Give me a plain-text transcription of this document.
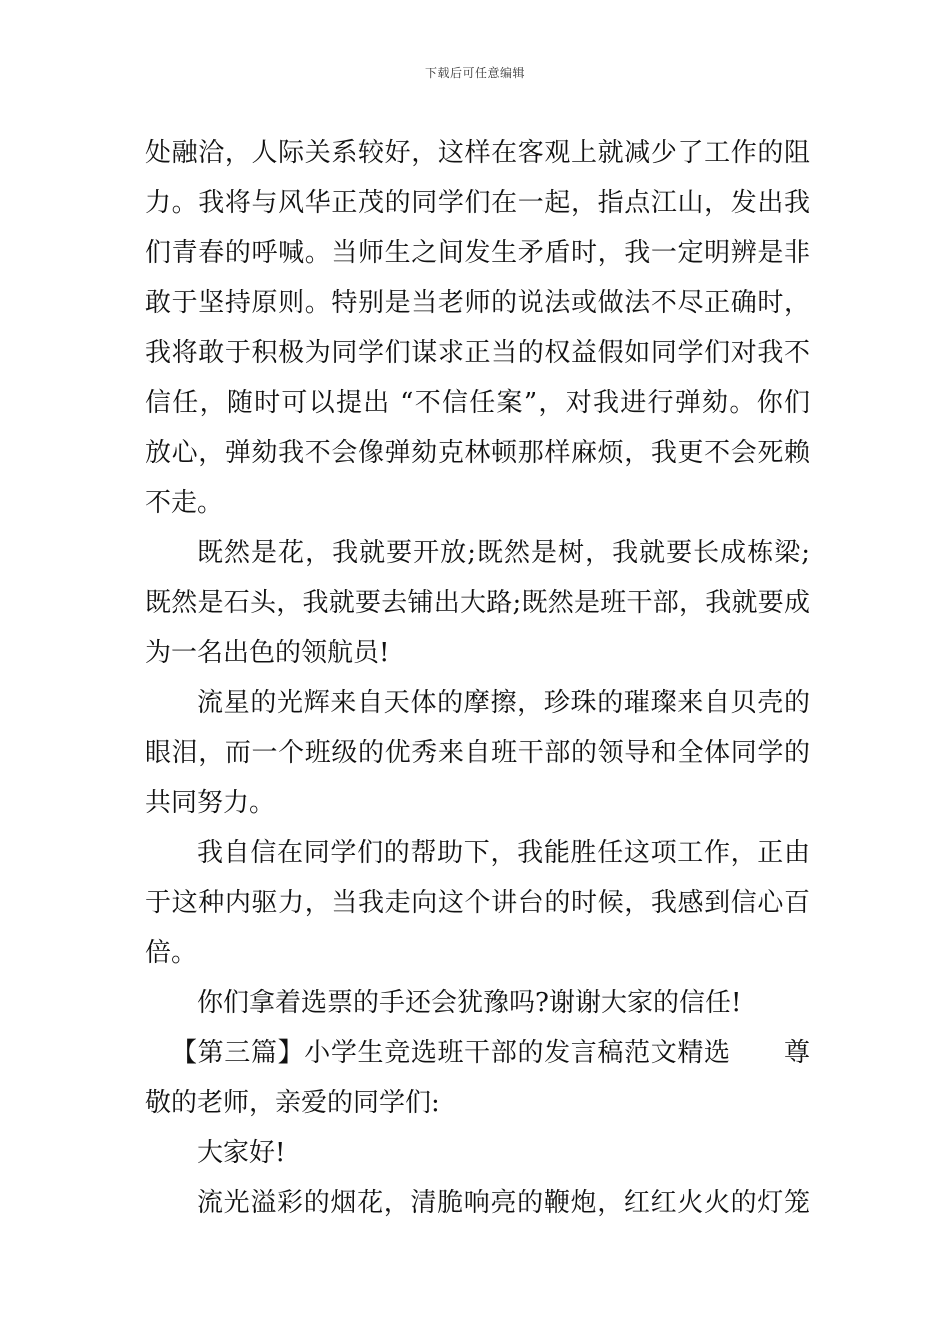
下载后可任意编辑
处融洽，人际关系较好，这样在客观上就减少了工作的阻
力。我将与风华正茂的同学们在一起，指点江山，发出我
们青春的呼喊。当师生之间发生矛盾时，我一定明辨是非
敢于坚持原则。特别是当老师的说法或做法不尽正确时，
我将敢于积极为同学们谋求正当的权益假如同学们对我不
信任，随时可以提出 “不信任案”，对我进行弹劾。你们
放心，弹劾我不会像弹劾克林顿那样麻烦，我更不会死赖
不走。
既然是花，我就要开放;既然是树，我就要长成栋梁;
既然是石头，我就要去铺出大路;既然是班干部，我就要成
为一名出色的领航员!
流星的光辉来自天体的摩擦，珍珠的璀璨来自贝壳的
眼泪，而一个班级的优秀来自班干部的领导和全体同学的
共同努力。
我自信在同学们的帮助下，我能胜任这项工作，正由
于这种内驱力，当我走向这个讲台的时候，我感到信心百
倍。
你们拿着选票的手还会犹豫吗?谢谢大家的信任!
【第三篇】小学生竞选班干部的发言稿范文精选　　尊
敬的老师，亲爱的同学们:
大家好!
流光溢彩的烟花，清脆响亮的鞭炮，红红火火的灯笼
